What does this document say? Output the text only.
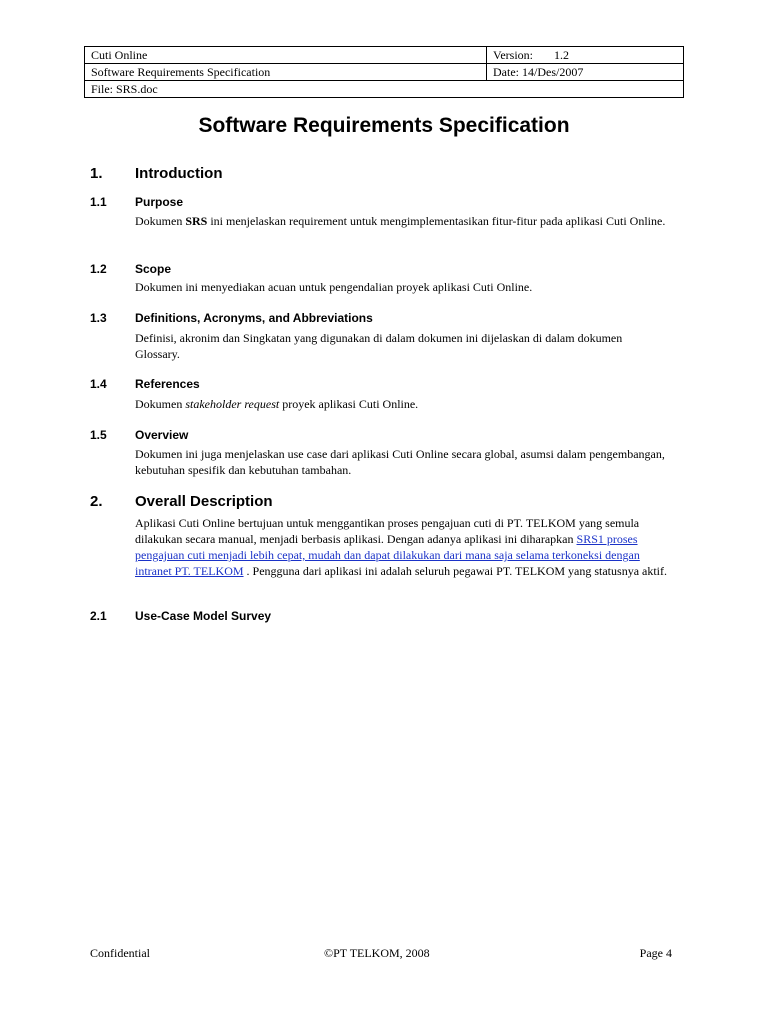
Cuti Online	Version: 1.2
Software Requirements Specification	Date: 14/Des/2007
File: SRS.doc	
Software Requirements Specification
1. Introduction
1.1 Purpose
Dokumen SRS ini menjelaskan requirement untuk mengimplementasikan fitur-fitur pada aplikasi Cuti Online.
1.2 Scope
Dokumen ini menyediakan acuan untuk pengendalian proyek aplikasi Cuti Online.
1.3 Definitions, Acronyms, and Abbreviations
Definisi, akronim dan Singkatan yang digunakan di dalam dokumen ini dijelaskan di dalam dokumen Glossary.
1.4 References
Dokumen stakeholder request proyek aplikasi Cuti Online.
1.5 Overview
Dokumen ini juga menjelaskan use case dari aplikasi Cuti Online secara global, asumsi dalam pengembangan, kebutuhan spesifik dan kebutuhan tambahan.
2. Overall Description
Aplikasi Cuti Online bertujuan untuk menggantikan proses pengajuan cuti di PT. TELKOM yang semula dilakukan secara manual, menjadi berbasis aplikasi. Dengan adanya aplikasi ini diharapkan SRS1 proses pengajuan cuti menjadi lebih cepat, mudah dan dapat dilakukan dari mana saja selama terkoneksi dengan intranet PT. TELKOM . Pengguna dari aplikasi ini adalah seluruh pegawai PT. TELKOM yang statusnya aktif.
2.1 Use-Case Model Survey
Confidential	©PT TELKOM, 2008	Page 4
